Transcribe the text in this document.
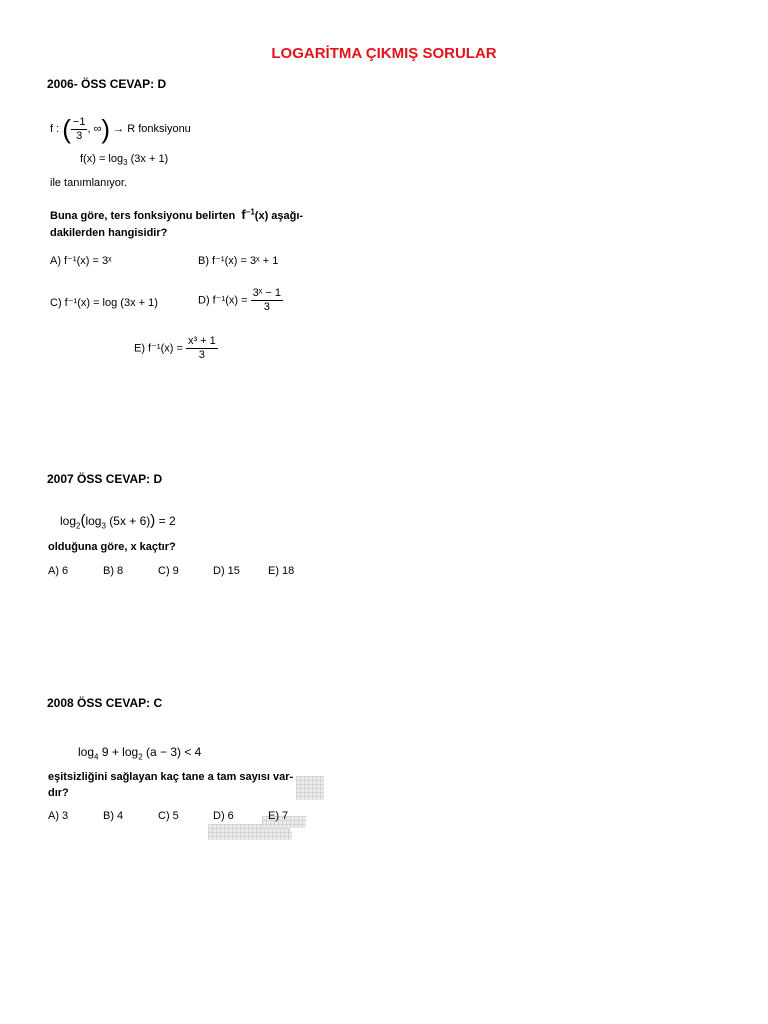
LOGARİTMA ÇIKMIŞ SORULAR
2006- ÖSS CEVAP: D
f : ( $\frac{-1}{3}$ , ∞) → R fonksiyonu
$f(x) = \log_3 (3x + 1)$
ile tanımlanıyor.
Buna göre, ters fonksiyonu belirten $f^{-1}(x)$ aşağı-
dakilerden hangisidir?
A) f⁻¹(x) = 3ˣ	B) f⁻¹(x) = 3ˣ + 1
C) f⁻¹(x) = log (3x + 1)	D) $f^{-1}(x) = \frac{\text{3ˣ − 1}}{3}$
E) $f^{-1}(x) = \frac{\text{x³ + 1}}{3}$
2007 ÖSS CEVAP: D
$\log_2(\log_3$ (5x + 6)) = 2
olduğuna göre, x kaçtır?
A) 6	B) 8	C) 9	D) 15	E) 18
2008 ÖSS CEVAP: C
$\log_4 9 + \log_2 (a - 3) < 4$
eşitsizliğini sağlayan kaç tane a tam sayısı var-
dır?
A) 3	B) 4	C) 5	D) 6	E) 7
